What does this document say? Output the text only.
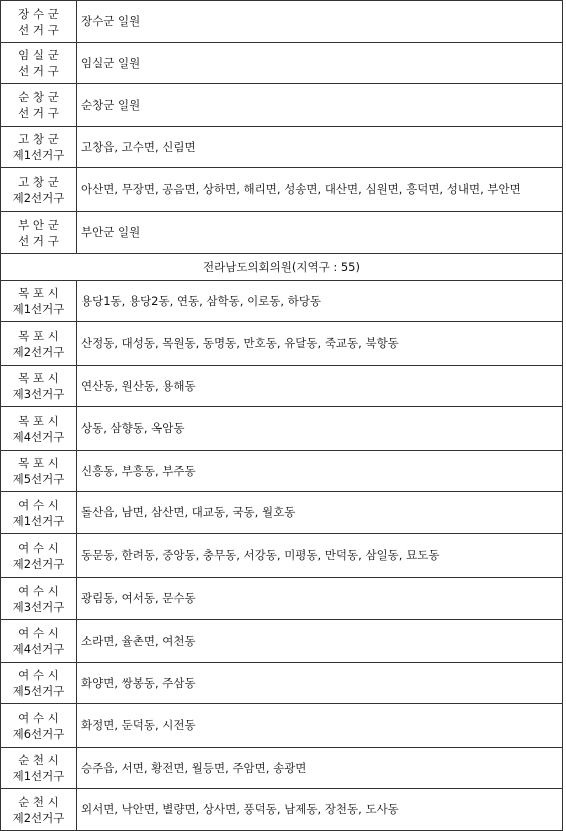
장 수 군
선 거 구	장수군 일원

임 실 군
선 거 구	임실군 일원

순 창 군
선 거 구	순창군 일원

고 창 군
제1선거구	고창읍, 고수면, 신림면

고 창 군
제2선거구	아산면, 무장면, 공음면, 상하면, 해리면, 성송면, 대산면, 심원면, 흥덕면, 성내면, 부안면

부 안 군
선 거 구	부안군 일원
전라남도의회의원(지역구 : 55)	

목 포 시
제1선거구	용당1동, 용당2동, 연동, 삼학동, 이로동, 하당동

목 포 시
제2선거구	산정동, 대성동, 목원동, 동명동, 만호동, 유달동, 죽교동, 북항동

목 포 시
제3선거구	연산동, 원산동, 용해동

목 포 시
제4선거구	상동, 삼향동, 옥암동

목 포 시
제5선거구	신흥동, 부흥동, 부주동

여 수 시
제1선거구	돌산읍, 남면, 삼산면, 대교동, 국동, 월호동

여 수 시
제2선거구	동문동, 한려동, 중앙동, 충무동, 서강동, 미평동, 만덕동, 삼일동, 묘도동

여 수 시
제3선거구	광림동, 여서동, 문수동

여 수 시
제4선거구	소라면, 율촌면, 여천동

여 수 시
제5선거구	화양면, 쌍봉동, 주삼동

여 수 시
제6선거구	화정면, 둔덕동, 시전동

순 천 시
제1선거구	승주읍, 서면, 황전면, 월등면, 주암면, 송광면

순 천 시
제2선거구	외서면, 낙안면, 별량면, 상사면, 풍덕동, 남제동, 장천동, 도사동
